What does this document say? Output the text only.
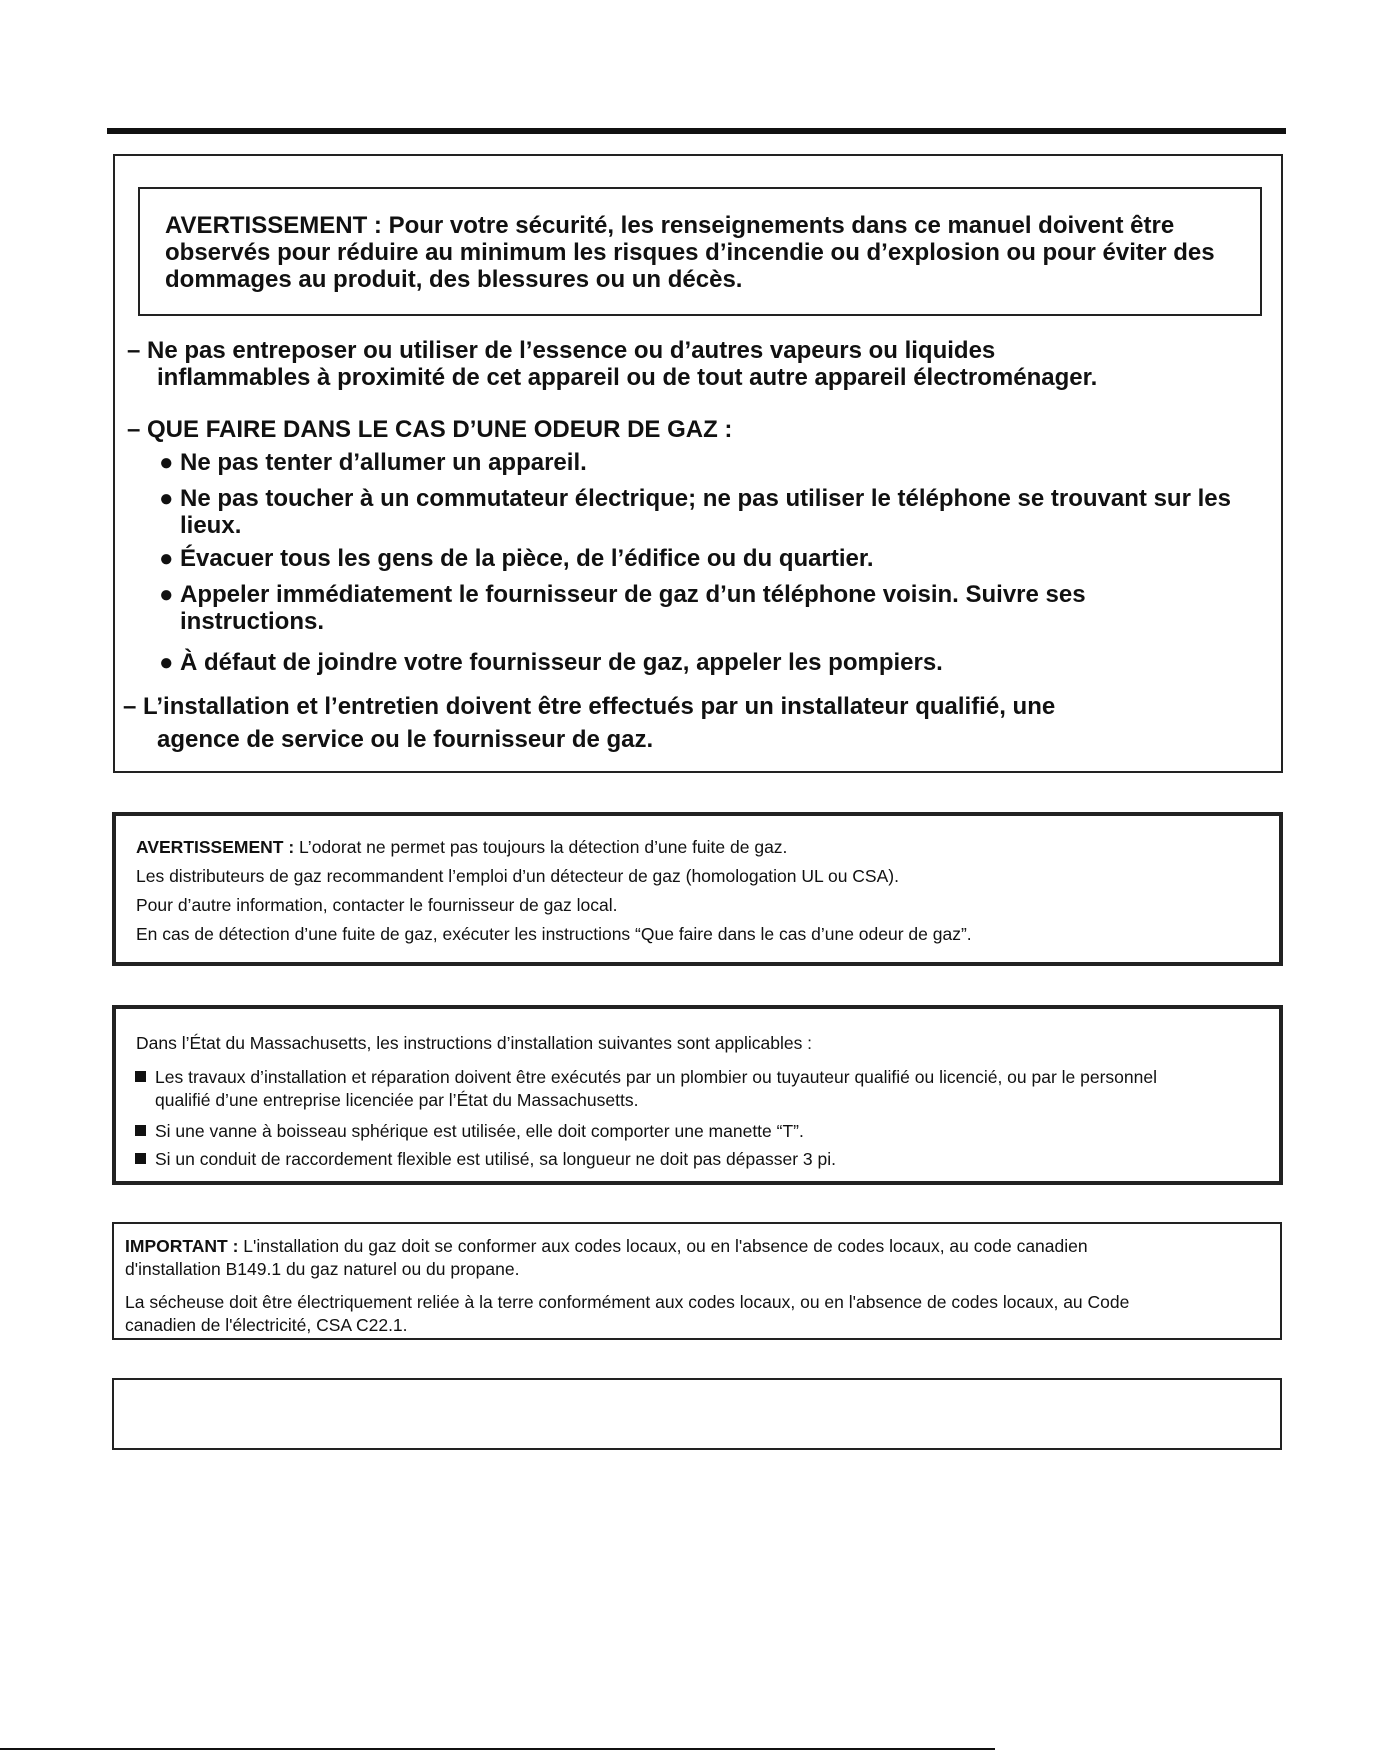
AVERTISSEMENT : Pour votre sécurité, les renseignements dans ce manuel doivent être observés pour réduire au minimum les risques d’incendie ou d’explosion ou pour éviter des dommages au produit, des blessures ou un décès.

– Ne pas entreposer ou utiliser de l’essence ou d’autres vapeurs ou liquides

inflammables à proximité de cet appareil ou de tout autre appareil électroménager.

– QUE FAIRE DANS LE CAS D’UNE ODEUR DE GAZ :

● Ne pas tenter d’allumer un appareil.
● Ne pas toucher à un commutateur électrique; ne pas utiliser le téléphone se trouvant sur les lieux.
● Évacuer tous les gens de la pièce, de l’édifice ou du quartier.
● Appeler immédiatement le fournisseur de gaz d’un téléphone voisin. Suivre ses instructions.
● À défaut de joindre votre fournisseur de gaz, appeler les pompiers.

– L’installation et l’entretien doivent être effectués par un installateur qualifié, une

agence de service ou le fournisseur de gaz.

AVERTISSEMENT : L’odorat ne permet pas toujours la détection d’une fuite de gaz.

Les distributeurs de gaz recommandent l’emploi d’un détecteur de gaz (homologation UL ou CSA).

Pour d’autre information, contacter le fournisseur de gaz local.

En cas de détection d’une fuite de gaz, exécuter les instructions “Que faire dans le cas d’une odeur de gaz”.

Dans l’État du Massachusetts, les instructions d’installation suivantes sont applicables :

Les travaux d’installation et réparation doivent être exécutés par un plombier ou tuyauteur qualifié ou licencié, ou par le personnel qualifié d’une entreprise licenciée par l’État du Massachusetts.
Si une vanne à boisseau sphérique est utilisée, elle doit comporter une manette “T”.
Si un conduit de raccordement flexible est utilisé, sa longueur ne doit pas dépasser 3 pi.

IMPORTANT : L'installation du gaz doit se conformer aux codes locaux, ou en l'absence de codes locaux, au code canadien

d'installation B149.1 du gaz naturel ou du propane.

La sécheuse doit être électriquement reliée à la terre conformément aux codes locaux, ou en l'absence de codes locaux, au Code

canadien de l'électricité, CSA C22.1.
